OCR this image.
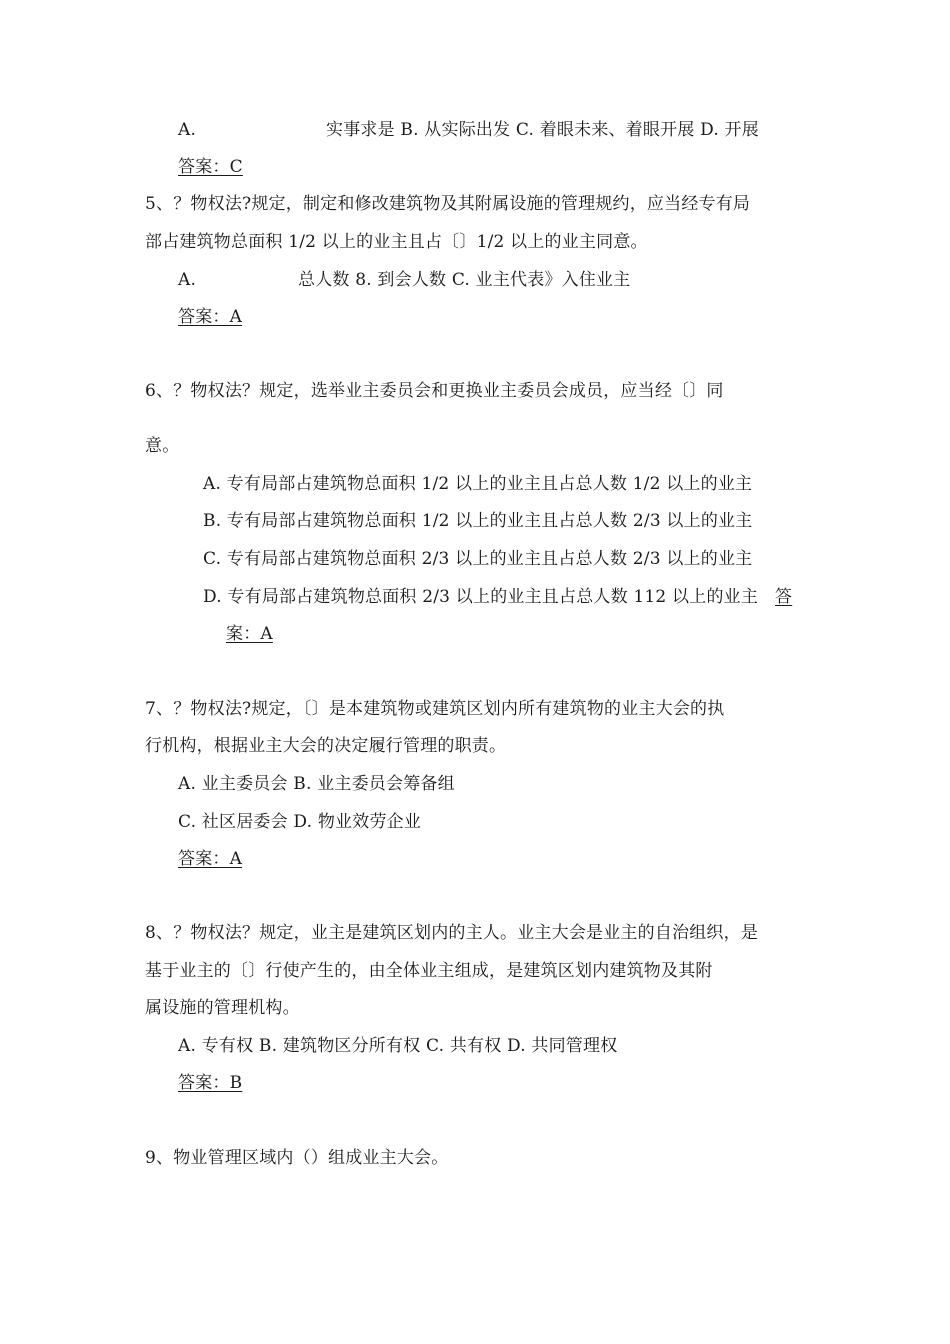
A.	实事求是 B. 从实际出发 C. 着眼未来、着眼开展 D. 开展
答案：C
5、？物权法?规定，制定和修改建筑物及其附属设施的管理规约，应当经专有局
部占建筑物总面积 1/2 以上的业主且占〔〕1/2 以上的业主同意。
A.	总人数 8. 到会人数 C. 业主代表》入住业主
答案：A
6、？物权法？规定，选举业主委员会和更换业主委员会成员，应当经〔〕同
意。
A. 专有局部占建筑物总面积 1/2 以上的业主且占总人数 1/2 以上的业主
B. 专有局部占建筑物总面积 1/2 以上的业主且占总人数 2/3 以上的业主
C. 专有局部占建筑物总面积 2/3 以上的业主且占总人数 2/3 以上的业主
D. 专有局部占建筑物总面积 2/3 以上的业主且占总人数 112 以上的业主 答
案：A
7、？物权法?规定，〔〕是本建筑物或建筑区划内所有建筑物的业主大会的执
行机构，根据业主大会的决定履行管理的职责。
A. 业主委员会 B. 业主委员会筹备组
C. 社区居委会 D. 物业效劳企业
答案：A
8、？物权法？规定，业主是建筑区划内的主人。业主大会是业主的自治组织，是
基于业主的〔〕行使产生的，由全体业主组成，是建筑区划内建筑物及其附
属设施的管理机构。
A. 专有权 B. 建筑物区分所有权 C. 共有权 D. 共同管理权
答案：B
9、物业管理区域内（）组成业主大会。
